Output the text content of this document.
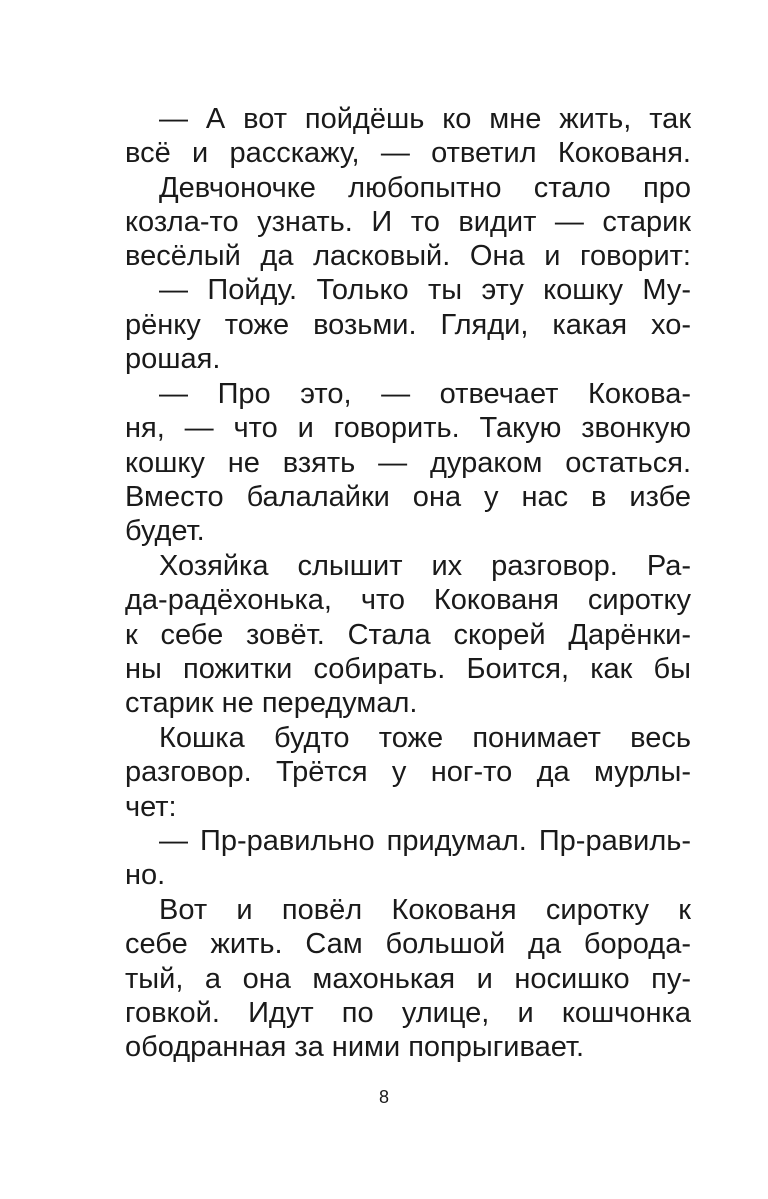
— А вот пойдёшь ко мне жить, так
всё и расскажу, — ответил Кокованя.
Девчоночке любопытно стало про
козла-то узнать. И то видит — старик
весёлый да ласковый. Она и говорит:
— Пойду. Только ты эту кошку Му-
рёнку тоже возьми. Гляди, какая хо-
рошая.
— Про это, — отвечает Кокова-
ня, — что и говорить. Такую звонкую
кошку не взять — дураком остаться.
Вместо балалайки она у нас в избе
будет.
Хозяйка слышит их разговор. Ра-
да-радёхонька, что Кокованя сиротку
к себе зовёт. Стала скорей Дарёнки-
ны пожитки собирать. Боится, как бы
старик не передумал.
Кошка будто тоже понимает весь
разговор. Трётся у ног-то да мурлы-
чет:
— Пр-равильно придумал. Пр-равиль-
но.
Вот и повёл Кокованя сиротку к
себе жить. Сам большой да борода-
тый, а она махонькая и носишко пу-
говкой. Идут по улице, и кошчонка
ободранная за ними попрыгивает.
8
